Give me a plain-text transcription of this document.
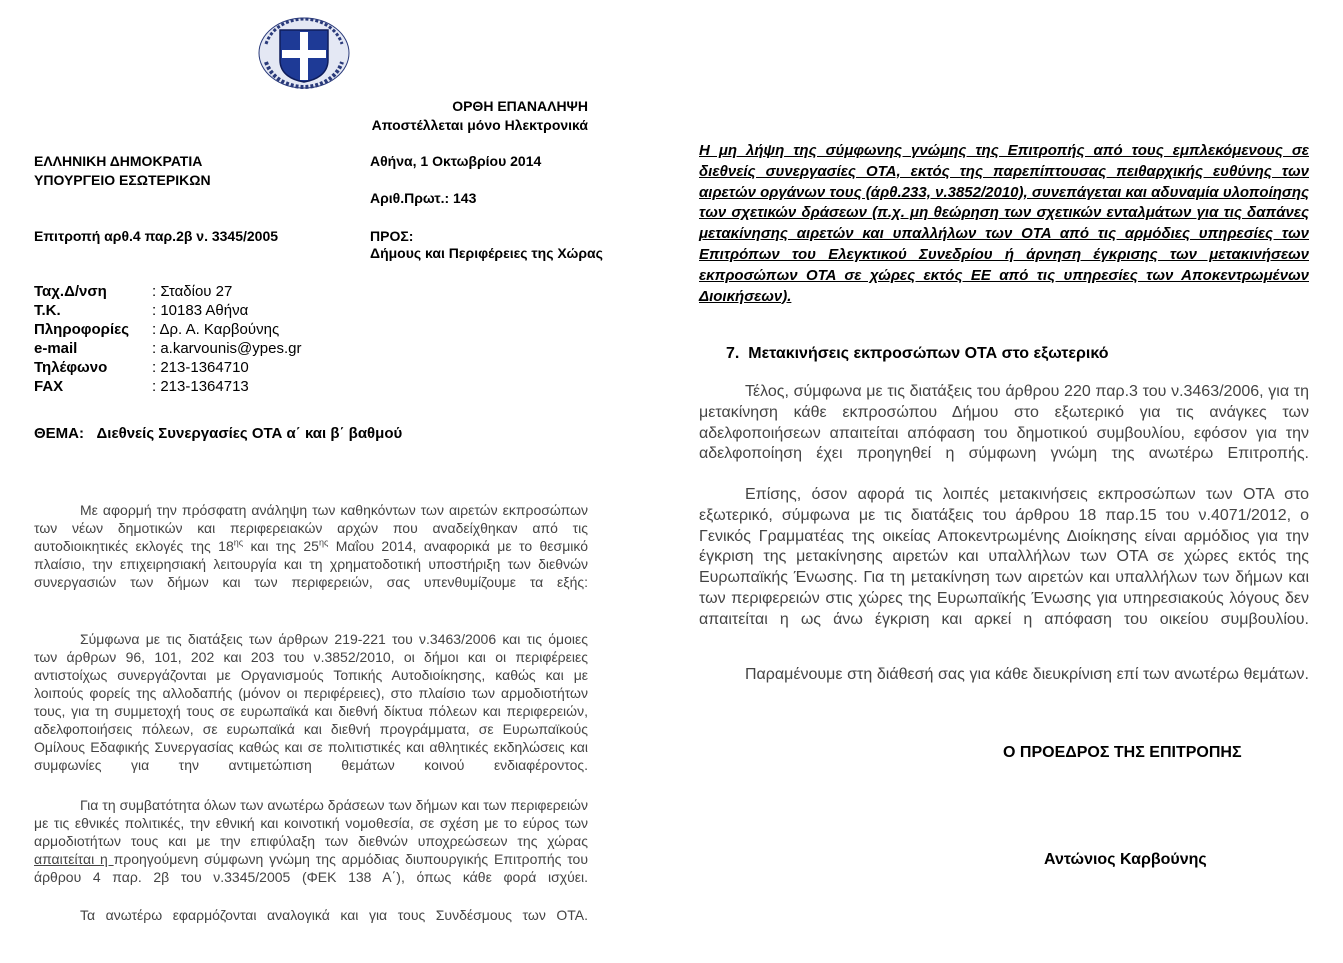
ΟΡΘΗ ΕΠΑΝΑΛΗΨΗ

Αποστέλλεται μόνο Ηλεκτρονικά

ΕΛΛΗΝΙΚΗ ΔΗΜΟΚΡΑΤΙΑ

ΥΠΟΥΡΓΕΙΟ ΕΣΩΤΕΡΙΚΩΝ

Αθήνα, 1 Οκτωβρίου 2014

Αριθ.Πρωτ.: 143

Επιτροπή αρθ.4 παρ.2β ν. 3345/2005	ΠΡΟΣ:

Δήμους και Περιφέρειες της Χώρας

Ταχ.Δ/νση	: Σταδίου 27
Τ.Κ.	: 10183 Αθήνα
Πληροφορίες	: Δρ. Α. Καρβούνης
e-mail	: a.karvounis@ypes.gr
Τηλέφωνο	: 213-1364710
FAX	: 213-1364713

ΘΕΜΑ: Διεθνείς Συνεργασίες ΟΤΑ α΄ και β΄ βαθμού

Με αφορμή την πρόσφατη ανάληψη των καθηκόντων των αιρετών εκπροσώπων των νέων δημοτικών και περιφερειακών αρχών που αναδείχθηκαν από τις αυτοδιοικητικές εκλογές της $18^{\eta\varsigma}$ και της $25^{\eta\varsigma}$ Μαΐου 2014, αναφορικά με το θεσμικό πλαίσιο, την επιχειρησιακή λειτουργία και τη χρηματοδοτική υποστήριξη των διεθνών συνεργασιών των δήμων και των περιφερειών, σας υπενθυμίζουμε τα εξής:

Σύμφωνα με τις διατάξεις των άρθρων 219-221 του ν.3463/2006 και τις όμοιες των άρθρων 96, 101, 202 και 203 του ν.3852/2010, οι δήμοι και οι περιφέρειες αντιστοίχως συνεργάζονται με Οργανισμούς Τοπικής Αυτοδιοίκησης, καθώς και με λοιπούς φορείς της αλλοδαπής (μόνον οι περιφέρειες), στο πλαίσιο των αρμοδιοτήτων τους, για τη συμμετοχή τους σε ευρωπαϊκά και διεθνή δίκτυα πόλεων και περιφερειών, αδελφοποιήσεις πόλεων, σε ευρωπαϊκά και διεθνή προγράμματα, σε Ευρωπαϊκούς Ομίλους Εδαφικής Συνεργασίας καθώς και σε πολιτιστικές και αθλητικές εκδηλώσεις και συμφωνίες για την αντιμετώπιση θεμάτων κοινού ενδιαφέροντος.

Για τη συμβατότητα όλων των ανωτέρω δράσεων των δήμων και των περιφερειών με τις εθνικές πολιτικές, την εθνική και κοινοτική νομοθεσία, σε σχέση με το εύρος των αρμοδιοτήτων τους και με την επιφύλαξη των διεθνών υποχρεώσεων της χώρας απαιτείται η προηγούμενη σύμφωνη γνώμη της αρμόδιας διυπουργικής Επιτροπής του άρθρου 4 παρ. 2β του ν.3345/2005 (ΦΕΚ 138 Α΄), όπως κάθε φορά ισχύει.

Τα ανωτέρω εφαρμόζονται αναλογικά και για τους Συνδέσμους των ΟΤΑ.

Η μη λήψη της σύμφωνης γνώμης της Επιτροπής από τους εμπλεκόμενους σε διεθνείς συνεργασίες ΟΤΑ, εκτός της παρεπίπτουσας πειθαρχικής ευθύνης των αιρετών οργάνων τους (άρθ.233, ν.3852/2010), συνεπάγεται και αδυναμία υλοποίησης των σχετικών δράσεων (π.χ. μη θεώρηση των σχετικών ενταλμάτων για τις δαπάνες μετακίνησης αιρετών και υπαλλήλων των ΟΤΑ από τις αρμόδιες υπηρεσίες των Επιτρόπων του Ελεγκτικού Συνεδρίου ή άρνηση έγκρισης των μετακινήσεων εκπροσώπων ΟΤΑ σε χώρες εκτός ΕΕ από τις υπηρεσίες των Αποκεντρωμένων Διοικήσεων).

7. Μετακινήσεις εκπροσώπων ΟΤΑ στο εξωτερικό

Τέλος, σύμφωνα με τις διατάξεις του άρθρου 220 παρ.3 του ν.3463/2006, για τη μετακίνηση κάθε εκπροσώπου Δήμου στο εξωτερικό για τις ανάγκες των αδελφοποιήσεων απαιτείται απόφαση του δημοτικού συμβουλίου, εφόσον για την αδελφοποίηση έχει προηγηθεί η σύμφωνη γνώμη της ανωτέρω Επιτροπής.

Επίσης, όσον αφορά τις λοιπές μετακινήσεις εκπροσώπων των ΟΤΑ στο εξωτερικό, σύμφωνα με τις διατάξεις του άρθρου 18 παρ.15 του ν.4071/2012, ο Γενικός Γραμματέας της οικείας Αποκεντρωμένης Διοίκησης είναι αρμόδιος για την έγκριση της μετακίνησης αιρετών και υπαλλήλων των ΟΤΑ σε χώρες εκτός της Ευρωπαϊκής Ένωσης. Για τη μετακίνηση των αιρετών και υπαλλήλων των δήμων και των περιφερειών στις χώρες της Ευρωπαϊκής Ένωσης για υπηρεσιακούς λόγους δεν απαιτείται η ως άνω έγκριση και αρκεί η απόφαση του οικείου συμβουλίου.

Παραμένουμε στη διάθεσή σας για κάθε διευκρίνιση επί των ανωτέρω θεμάτων.

Ο ΠΡΟΕΔΡΟΣ ΤΗΣ ΕΠΙΤΡΟΠΗΣ

Αντώνιος Καρβούνης
